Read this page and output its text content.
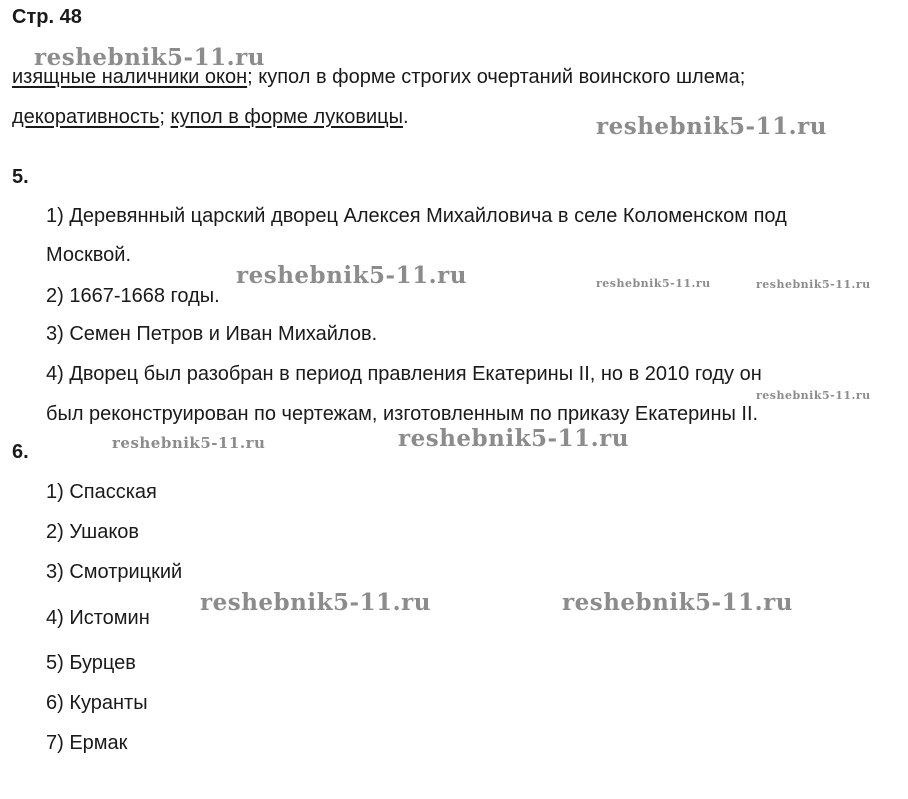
Стр. 48
изящные наличники окон; купол в форме строгих очертаний воинского шлема;
декоративность; купол в форме луковицы.
5.
1) Деревянный царский дворец Алексея Михайловича в селе Коломенском под
Москвой.
2) 1667-1668 годы.
3) Семен Петров и Иван Михайлов.
4) Дворец был разобран в период правления Екатерины II, но в 2010 году он
был реконструирован по чертежам, изготовленным по приказу Екатерины II.
6.
1) Спасская
2) Ушаков
3) Смотрицкий
4) Истомин
5) Бурцев
6) Куранты
7) Ермак
reshebnik5-11.ru
reshebnik5-11.ru
reshebnik5-11.ru	reshebnik5-11.ru	reshebnik5-11.ru
reshebnik5-11.ru
reshebnik5-11.ru	reshebnik5-11.ru
reshebnik5-11.ru	reshebnik5-11.ru
